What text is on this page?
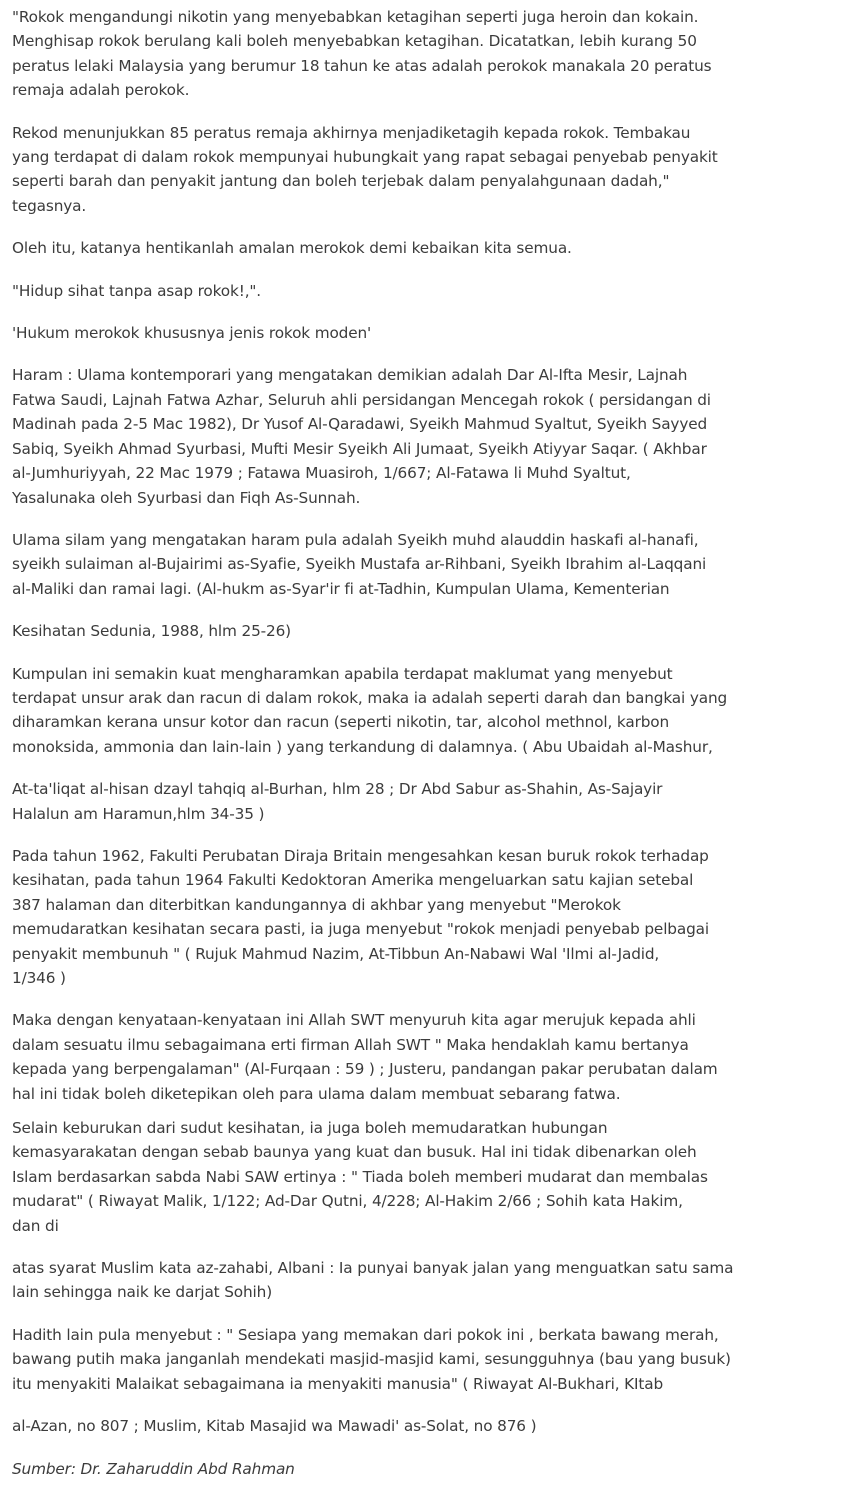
"Rokok mengandungi nikotin yang menyebabkan ketagihan seperti juga heroin dan kokain.
Menghisap rokok berulang kali boleh menyebabkan ketagihan. Dicatatkan, lebih kurang 50
peratus lelaki Malaysia yang berumur 18 tahun ke atas adalah perokok manakala 20 peratus
remaja adalah perokok.

Rekod menunjukkan 85 peratus remaja akhirnya menjadiketagih kepada rokok. Tembakau
yang terdapat di dalam rokok mempunyai hubungkait yang rapat sebagai penyebab penyakit
seperti barah dan penyakit jantung dan boleh terjebak dalam penyalahgunaan dadah,"
tegasnya.

Oleh itu, katanya hentikanlah amalan merokok demi kebaikan kita semua.

"Hidup sihat tanpa asap rokok!,".

'Hukum merokok khususnya jenis rokok moden'

Haram : Ulama kontemporari yang mengatakan demikian adalah Dar Al-Ifta Mesir, Lajnah
Fatwa Saudi, Lajnah Fatwa Azhar, Seluruh ahli persidangan Mencegah rokok ( persidangan di
Madinah pada 2-5 Mac 1982), Dr Yusof Al-Qaradawi, Syeikh Mahmud Syaltut, Syeikh Sayyed
Sabiq, Syeikh Ahmad Syurbasi, Mufti Mesir Syeikh Ali Jumaat, Syeikh Atiyyar Saqar. ( Akhbar
al-Jumhuriyyah, 22 Mac 1979 ; Fatawa Muasiroh, 1/667; Al-Fatawa li Muhd Syaltut,
Yasalunaka oleh Syurbasi dan Fiqh As-Sunnah.

Ulama silam yang mengatakan haram pula adalah Syeikh muhd alauddin haskafi al-hanafi,
syeikh sulaiman al-Bujairimi as-Syafie, Syeikh Mustafa ar-Rihbani, Syeikh Ibrahim al-Laqqani
al-Maliki dan ramai lagi. (Al-hukm as-Syar'ir fi at-Tadhin, Kumpulan Ulama, Kementerian

Kesihatan Sedunia, 1988, hlm 25-26)

Kumpulan ini semakin kuat mengharamkan apabila terdapat maklumat yang menyebut
terdapat unsur arak dan racun di dalam rokok, maka ia adalah seperti darah dan bangkai yang
diharamkan kerana unsur kotor dan racun (seperti nikotin, tar, alcohol methnol, karbon
monoksida, ammonia dan lain-lain ) yang terkandung di dalamnya. ( Abu Ubaidah al-Mashur,

At-ta'liqat al-hisan dzayl tahqiq al-Burhan, hlm 28 ; Dr Abd Sabur as-Shahin, As-Sajayir
Halalun am Haramun,hlm 34-35 )

Pada tahun 1962, Fakulti Perubatan Diraja Britain mengesahkan kesan buruk rokok terhadap
kesihatan, pada tahun 1964 Fakulti Kedoktoran Amerika mengeluarkan satu kajian setebal
387 halaman dan diterbitkan kandungannya di akhbar yang menyebut "Merokok
memudaratkan kesihatan secara pasti, ia juga menyebut "rokok menjadi penyebab pelbagai
penyakit membunuh " ( Rujuk Mahmud Nazim, At-Tibbun An-Nabawi Wal 'Ilmi al-Jadid,
1/346 )

Maka dengan kenyataan-kenyataan ini Allah SWT menyuruh kita agar merujuk kepada ahli
dalam sesuatu ilmu sebagaimana erti firman Allah SWT " Maka hendaklah kamu bertanya
kepada yang berpengalaman" (Al-Furqaan : 59 ) ; Justeru, pandangan pakar perubatan dalam
hal ini tidak boleh diketepikan oleh para ulama dalam membuat sebarang fatwa.

Selain keburukan dari sudut kesihatan, ia juga boleh memudaratkan hubungan
kemasyarakatan dengan sebab baunya yang kuat dan busuk. Hal ini tidak dibenarkan oleh
Islam berdasarkan sabda Nabi SAW ertinya : " Tiada boleh memberi mudarat dan membalas
mudarat" ( Riwayat Malik, 1/122; Ad-Dar Qutni, 4/228; Al-Hakim 2/66 ; Sohih kata Hakim,
dan di

atas syarat Muslim kata az-zahabi, Albani : Ia punyai banyak jalan yang menguatkan satu sama
lain sehingga naik ke darjat Sohih)

Hadith lain pula menyebut : " Sesiapa yang memakan dari pokok ini , berkata bawang merah,
bawang putih maka janganlah mendekati masjid-masjid kami, sesungguhnya (bau yang busuk)
itu menyakiti Malaikat sebagaimana ia menyakiti manusia" ( Riwayat Al-Bukhari, KItab

al-Azan, no 807 ; Muslim, Kitab Masajid wa Mawadi' as-Solat, no 876 )

Sumber: Dr. Zaharuddin Abd Rahman
